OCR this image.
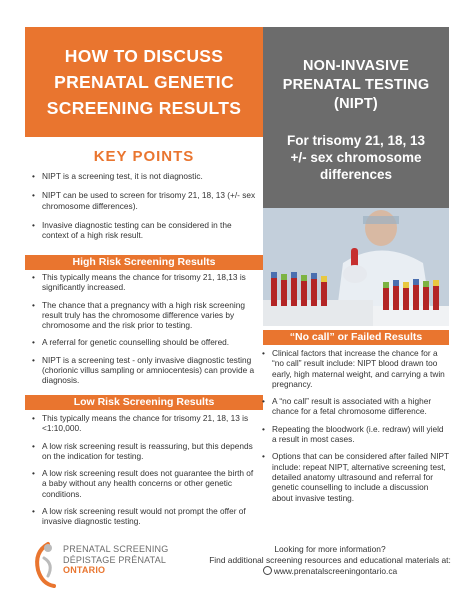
HOW TO DISCUSS
PRENATAL GENETIC
SCREENING RESULTS
NON-INVASIVE
PRENATAL TESTING
(NIPT)
For trisomy 21, 18, 13
+/- sex chromosome
differences
KEY POINTS
• NIPT is a screening test, it is not diagnostic.
• NIPT can be used to screen for trisomy 21, 18, 13 (+/- sex chromosome differences).
• Invasive diagnostic testing can be considered in the context of a high risk result.
High Risk Screening Results
• This typically means the chance for trisomy 21, 18,13 is significantly increased.
• The chance that a pregnancy with a high risk screening result truly has the chromosome difference varies by chromosome and the risk prior to testing.
• A referral for genetic counselling should be offered.
• NIPT is a screening test - only invasive diagnostic testing (chorionic villus sampling or amniocentesis) can provide a diagnosis.
Low Risk Screening Results
• This typically means the chance for trisomy 21, 18, 13 is <1:10,000.
• A low risk screening result is reassuring, but this depends on the indication for testing.
• A low risk screening result does not guarantee the birth of a baby without any health concerns or other genetic conditions.
• A low risk screening result would not prompt the offer of invasive diagnostic testing.
“No call” or Failed Results
• Clinical factors that increase the chance for a “no call” result include: NIPT blood drawn too early, high maternal weight, and carrying a twin pregnancy.
• A “no call” result is associated with a higher chance for a fetal chromosome difference.
• Repeating the bloodwork (i.e. redraw) will yield a result in most cases.
• Options that can be considered after failed NIPT include: repeat NIPT, alternative screening test, detailed anatomy ultrasound and referral for genetic counselling to include a discussion about invasive testing.
PRENATAL SCREENING
DÉPISTAGE PRÉNATAL
ONTARIO
Looking for more information?
Find additional screening resources and educational materials at:
www.prenatalscreeningontario.ca
